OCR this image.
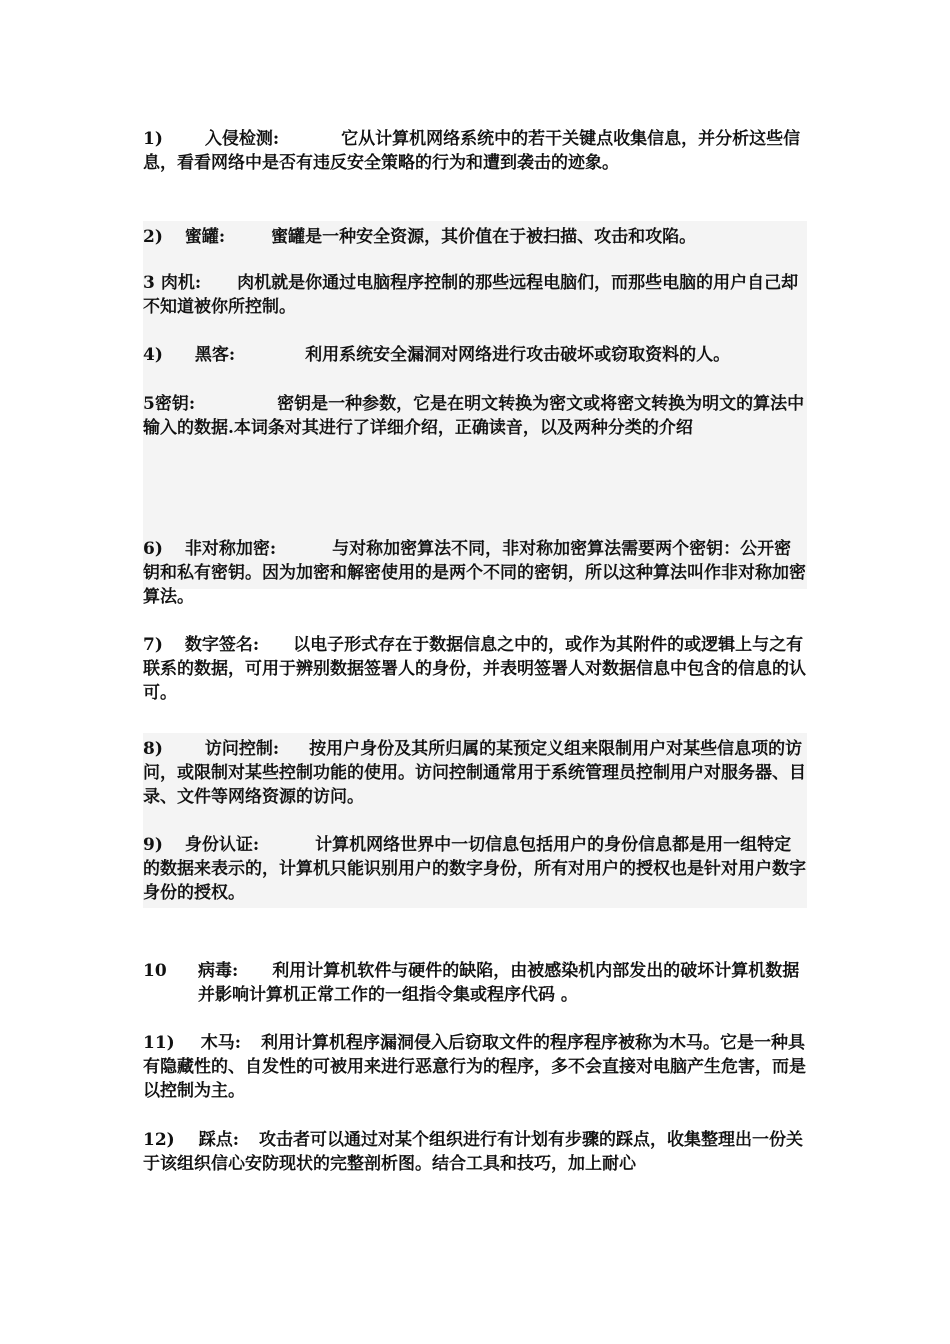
1) 入侵检测:	它从计算机网络系统中的若干关键点收集信息，并分析这些信息，看看网络中是否有违反安全策略的行为和遭到袭击的迹象。

2) 蜜罐:	蜜罐是一种安全资源，其价值在于被扫描、攻击和攻陷。

3 肉机: 肉机就是你通过电脑程序控制的那些远程电脑们，而那些电脑的用户自己却不知道被你所控制。

4) 黑客:	利用系统安全漏洞对网络进行攻击破坏或窃取资料的人。

5密钥:	密钥是一种参数，它是在明文转换为密文或将密文转换为明文的算法中输入的数据.本词条对其进行了详细介绍，正确读音，以及两种分类的介绍

6) 非对称加密:	与对称加密算法不同，非对称加密算法需要两个密钥：公开密钥和私有密钥。因为加密和解密使用的是两个不同的密钥，所以这种算法叫作非对称加密算法。

7) 数字签名: 以电子形式存在于数据信息之中的，或作为其附件的或逻辑上与之有联系的数据，可用于辨别数据签署人的身份，并表明签署人对数据信息中包含的信息的认可。

8) 访问控制: 按用户身份及其所归属的某预定义组来限制用户对某些信息项的访问，或限制对某些控制功能的使用。访问控制通常用于系统管理员控制用户对服务器、目录、文件等网络资源的访问。

9) 身份认证:	计算机网络世界中一切信息包括用户的身份信息都是用一组特定的数据来表示的，计算机只能识别用户的数字身份，所有对用户的授权也是针对用户数字身份的授权。

10	病毒: 利用计算机软件与硬件的缺陷，由被感染机内部发出的破坏计算机数据并影响计算机正常工作的一组指令集或程序代码 。

11) 木马: 利用计算机程序漏洞侵入后窃取文件的程序程序被称为木马。它是一种具有隐藏性的、自发性的可被用来进行恶意行为的程序，多不会直接对电脑产生危害，而是以控制为主。

12) 踩点: 攻击者可以通过对某个组织进行有计划有步骤的踩点，收集整理出一份关于该组织信心安防现状的完整剖析图。结合工具和技巧，加上耐心
